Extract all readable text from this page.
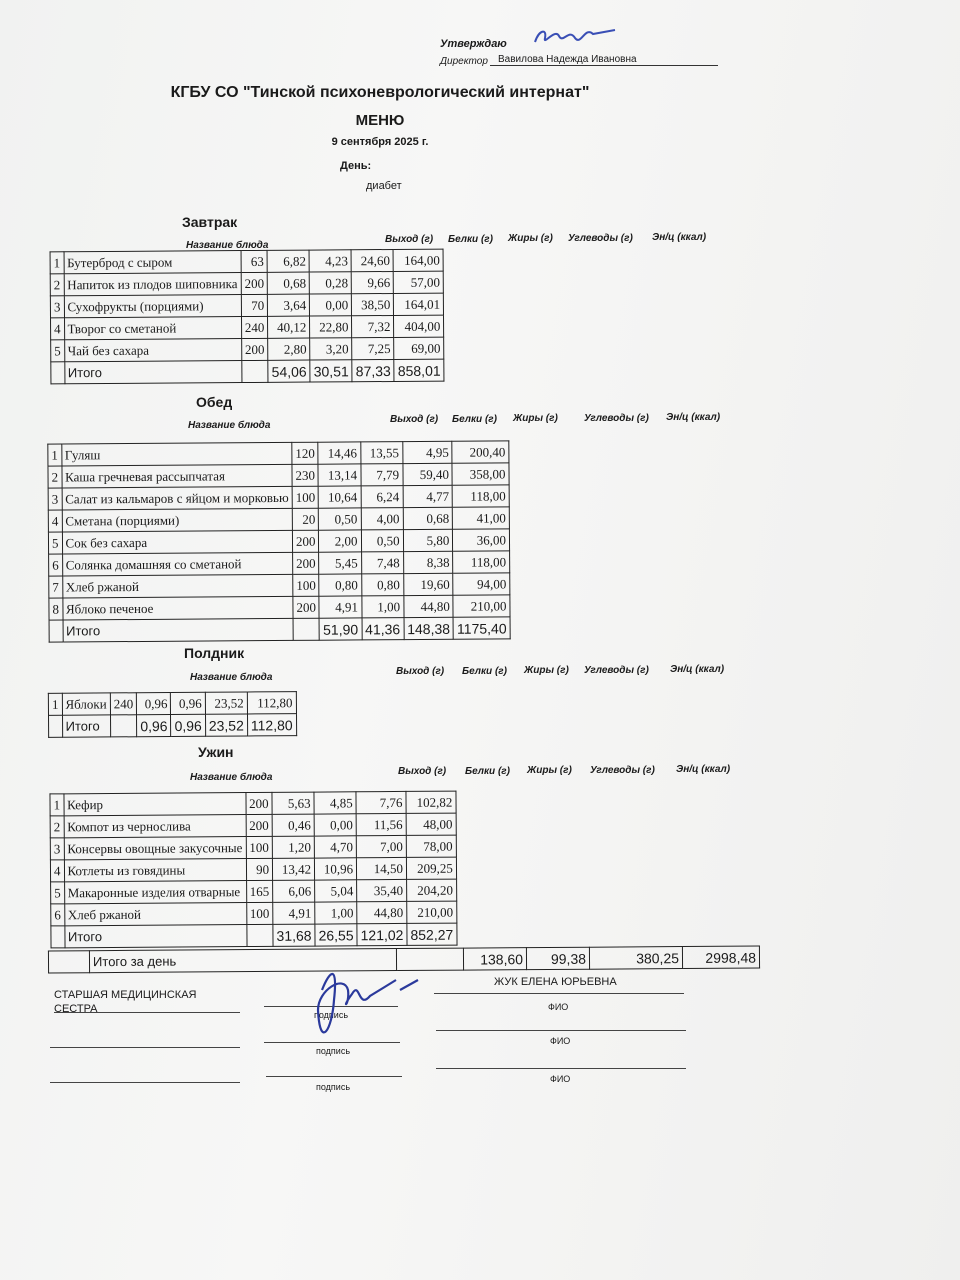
Утверждаю
Директор	Вавилова Надежда Ивановна
КГБУ СО "Тинской психоневрологический интернат"
МЕНЮ
9 сентября 2025 г.
День:
диабет
Завтрак
Название блюда
Выход (г) Белки (г) Жиры (г) Углеводы (г) Эн/ц (ккал)
1	Бутерброд с сыром	63	6,82	4,23	24,60	164,00
2	Напиток из плодов шиповника	200	0,68	0,28	9,66	57,00
3	Сухофрукты (порциями)	70	3,64	0,00	38,50	164,01
4	Творог со сметаной	240	40,12	22,80	7,32	404,00
5	Чай без сахара	200	2,80	3,20	7,25	69,00
	Итого		54,06	30,51	87,33	858,01
Обед
Название блюда
Выход (г) Белки (г) Жиры (г)	Углеводы (г) Эн/ц (ккал)
1	Гуляш	120	14,46	13,55	4,95	200,40
2	Каша гречневая рассыпчатая	230	13,14	7,79	59,40	358,00
3	Салат из кальмаров с яйцом и морковью	100	10,64	6,24	4,77	118,00
4	Сметана (порциями)	20	0,50	4,00	0,68	41,00
5	Сок без сахара	200	2,00	0,50	5,80	36,00
6	Солянка домашняя со сметаной	200	5,45	7,48	8,38	118,00
7	Хлеб ржаной	100	0,80	0,80	19,60	94,00
8	Яблоко печеное	200	4,91	1,00	44,80	210,00
	Итого		51,90	41,36	148,38	1175,40
Полдник
Название блюда
Выход (г) Белки (г) Жиры (г) Углеводы (г) Эн/ц (ккал)
1	Яблоки	240	0,96	0,96	23,52	112,80
	Итого		0,96	0,96	23,52	112,80
Ужин
Название блюда
Выход (г) Белки (г) Жиры (г) Углеводы (г) Эн/ц (ккал)
1	Кефир	200	5,63	4,85	7,76	102,82
2	Компот из чернослива	200	0,46	0,00	11,56	48,00
3	Консервы овощные закусочные	100	1,20	4,70	7,00	78,00
4	Котлеты из говядины	90	13,42	10,96	14,50	209,25
5	Макаронные изделия отварные	165	6,06	5,04	35,40	204,20
6	Хлеб ржаной	100	4,91	1,00	44,80	210,00
	Итого		31,68	26,55	121,02	852,27
	Итого за день		138,60	99,38	380,25	2998,48
СТАРШАЯ МЕДИЦИНСКАЯ
СЕСТРА
ЖУК ЕЛЕНА ЮРЬЕВНА
подпись
ФИО
подпись
ФИО
подпись
ФИО
